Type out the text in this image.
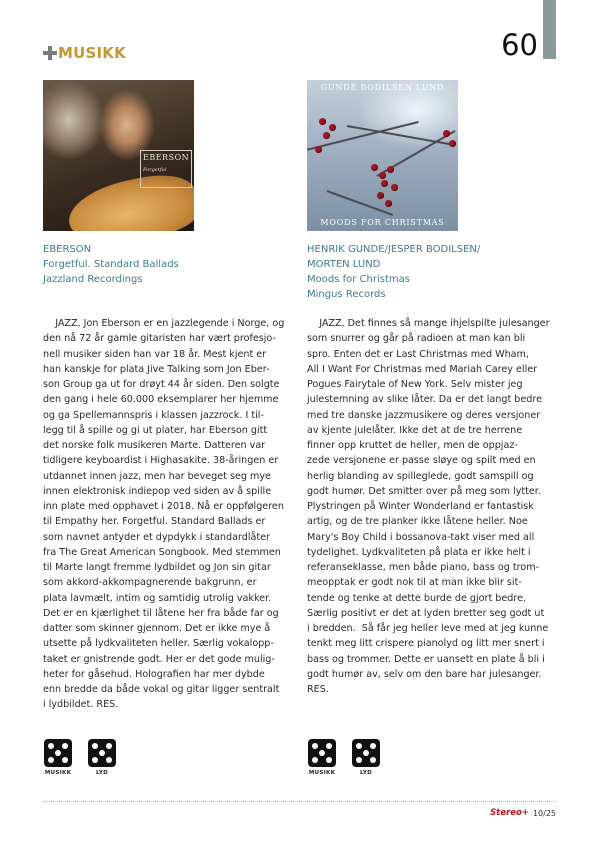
MUSIKK	60
EBERSON
Forgetful
GUNDE BODILSEN LUND
MOODS FOR CHRISTMAS
EBERSON
Forgetful. Standard Ballads
Jazzland Recordings
HENRIK GUNDE/JESPER BODILSEN/
MORTEN LUND
Moods for Christmas
Mingus Records
JAZZ. Jon Eberson er en jazzlegende i Norge, og
den nå 72 år gamle gitaristen har vært profesjo-
nell musiker siden han var 18 år. Mest kjent er
han kanskje for plata Jive Talking som Jon Eber-
son Group ga ut for drøyt 44 år siden. Den solgte
den gang i hele 60.000 eksemplarer her hjemme
og ga Spellemannspris i klassen jazzrock. I til-
legg til å spille og gi ut plater, har Eberson gitt
det norske folk musikeren Marte. Datteren var
tidligere keyboardist i Highasakite. 38-åringen er
utdannet innen jazz, men har beveget seg mye
innen elektronisk indiepop ved siden av å spille
inn plate med opphavet i 2018. Nå er oppfølgeren
til Empathy her. Forgetful. Standard Ballads er
som navnet antyder et dypdykk i standardlåter
fra The Great American Songbook. Med stemmen
til Marte langt fremme lydbildet og Jon sin gitar
som akkord-akkompagnerende bakgrunn, er
plata lavmælt, intim og samtidig utrolig vakker.
Det er en kjærlighet til låtene her fra både far og
datter som skinner gjennom. Det er ikke mye å
utsette på lydkvaliteten heller. Særlig vokalopp-
taket er gnistrende godt. Her er det gode mulig-
heter for gåsehud. Holografien har mer dybde
enn bredde da både vokal og gitar ligger sentralt
i lydbildet. RES.
JAZZ. Det finnes så mange ihjelspilte julesanger
som snurrer og går på radioen at man kan bli
spro. Enten det er Last Christmas med Wham,
All I Want For Christmas med Mariah Carey eller
Pogues Fairytale of New York. Selv mister jeg
julestemning av slike låter. Da er det langt bedre
med tre danske jazzmusikere og deres versjoner
av kjente julelåter. Ikke det at de tre herrene
finner opp kruttet de heller, men de oppjaz-
zede versjonene er passe sløye og spilt med en
herlig blanding av spilleglede, godt samspill og
godt humør. Det smitter over på meg som lytter.
Plystringen på Winter Wonderland er fantastisk
artig, og de tre planker ikke låtene heller. Noe
Mary's Boy Child i bossanova-takt viser med all
tydelighet. Lydkvaliteten på plata er ikke helt i
referanseklasse, men både piano, bass og trom-
meopptak er godt nok til at man ikke blir sit-
tende og tenke at dette burde de gjort bedre.
Særlig positivt er det at lyden bretter seg godt ut
i bredden.  Så får jeg heller leve med at jeg kunne
tenkt meg litt crispere pianolyd og litt mer snert i
bass og trommer. Dette er uansett en plate å bli i
godt humør av, selv om den bare har julesanger.
RES.
MUSIKK	LYD	MUSIKK	LYD
Stereo+ 10/25
